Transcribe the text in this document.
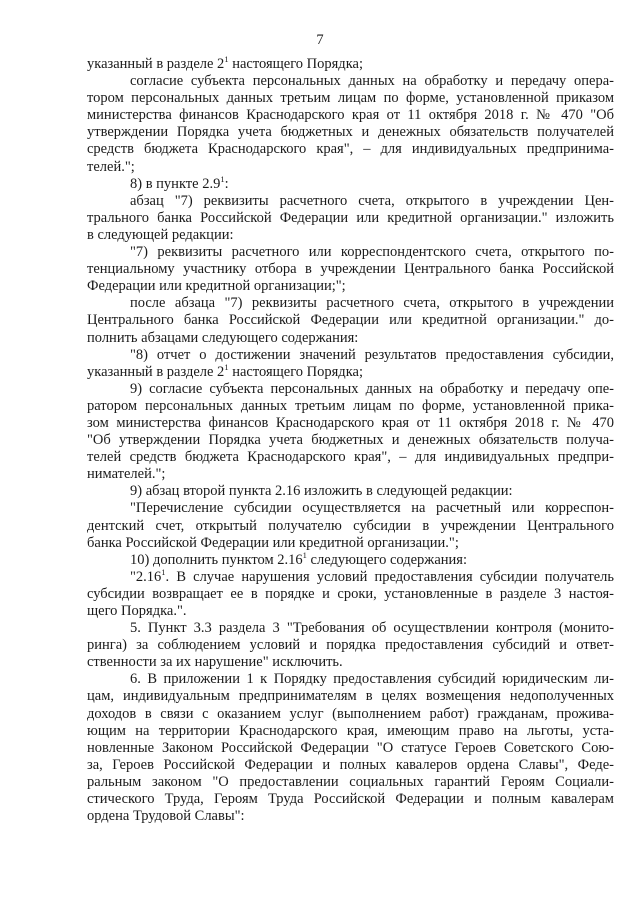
7
указанный в разделе $2^1$ настоящего Порядка;
согласие субъекта персональных данных на обработку и передачу опера-
тором персональных данных третьим лицам по форме, установленной приказом
министерства финансов Краснодарского края от 11 октября 2018 г. № 470 "Об
утверждении Порядка учета бюджетных и денежных обязательств получателей
средств бюджета Краснодарского края", – для индивидуальных предпринима-
телей.";
8) в пункте $2.9^1$:
абзац "7) реквизиты расчетного счета, открытого в учреждении Цен-
трального банка Российской Федерации или кредитной организации." изложить
в следующей редакции:
"7) реквизиты расчетного или корреспондентского счета, открытого по-
тенциальному участнику отбора в учреждении Центрального банка Российской
Федерации или кредитной организации;";
после абзаца "7) реквизиты расчетного счета, открытого в учреждении
Центрального банка Российской Федерации или кредитной организации." до-
полнить абзацами следующего содержания:
"8) отчет о достижении значений результатов предоставления субсидии,
указанный в разделе $2^1$ настоящего Порядка;
9) согласие субъекта персональных данных на обработку и передачу опе-
ратором персональных данных третьим лицам по форме, установленной прика-
зом министерства финансов Краснодарского края от 11 октября 2018 г. № 470
"Об утверждении Порядка учета бюджетных и денежных обязательств получа-
телей средств бюджета Краснодарского края", – для индивидуальных предпри-
нимателей.";
9) абзац второй пункта 2.16 изложить в следующей редакции:
"Перечисление субсидии осуществляется на расчетный или корреспон-
дентский счет, открытый получателю субсидии в учреждении Центрального
банка Российской Федерации или кредитной организации.";
10) дополнить пунктом 2.16$^1$ следующего содержания:
"2.16$^1$. В случае нарушения условий предоставления субсидии получатель
субсидии возвращает ее в порядке и сроки, установленные в разделе 3 настоя-
щего Порядка.".
5. Пункт 3.3 раздела 3 "Требования об осуществлении контроля (монито-
ринга) за соблюдением условий и порядка предоставления субсидий и ответ-
ственности за их нарушение" исключить.
6. В приложении 1 к Порядку предоставления субсидий юридическим ли-
цам, индивидуальным предпринимателям в целях возмещения недополученных
доходов в связи с оказанием услуг (выполнением работ) гражданам, прожива-
ющим на территории Краснодарского края, имеющим право на льготы, уста-
новленные Законом Российской Федерации "О статусе Героев Советского Сою-
за, Героев Российской Федерации и полных кавалеров ордена Славы", Феде-
ральным законом "О предоставлении социальных гарантий Героям Социали-
стического Труда, Героям Труда Российской Федерации и полным кавалерам
ордена Трудовой Славы":
